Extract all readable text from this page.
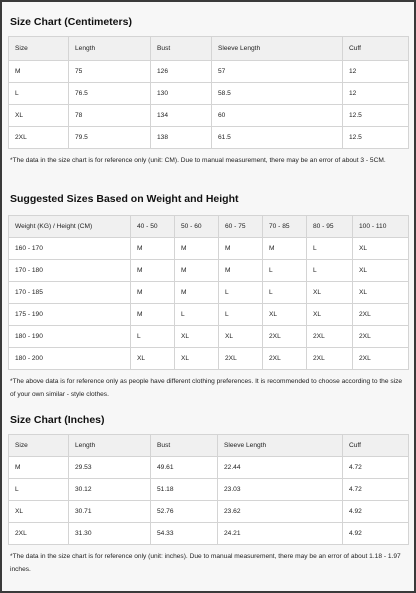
Size Chart (Centimeters)
Size	Length	Bust	Sleeve Length	Cuff
M	75	126	57	12
L	76.5	130	58.5	12
XL	78	134	60	12.5
2XL	79.5	138	61.5	12.5
*The data in the size chart is for reference only (unit: CM). Due to manual measurement, there may be an error of about 3 - 5CM.
Suggested Sizes Based on Weight and Height
Weight (KG) / Height (CM)	40 - 50	50 - 60	60 - 75	70 - 85	80 - 95	100 - 110
160 - 170	M	M	M	M	L	XL
170 - 180	M	M	M	L	L	XL
170 - 185	M	M	L	L	XL	XL
175 - 190	M	L	L	XL	XL	2XL
180 - 190	L	XL	XL	2XL	2XL	2XL
180 - 200	XL	XL	2XL	2XL	2XL	2XL
*The above data is for reference only as people have different clothing preferences. It is recommended to choose according to the size of your own similar - style clothes.
Size Chart (Inches)
Size	Length	Bust	Sleeve Length	Cuff
M	29.53	49.61	22.44	4.72
L	30.12	51.18	23.03	4.72
XL	30.71	52.76	23.62	4.92
2XL	31.30	54.33	24.21	4.92
*The data in the size chart is for reference only (unit: inches). Due to manual measurement, there may be an error of about 1.18 - 1.97 inches.
